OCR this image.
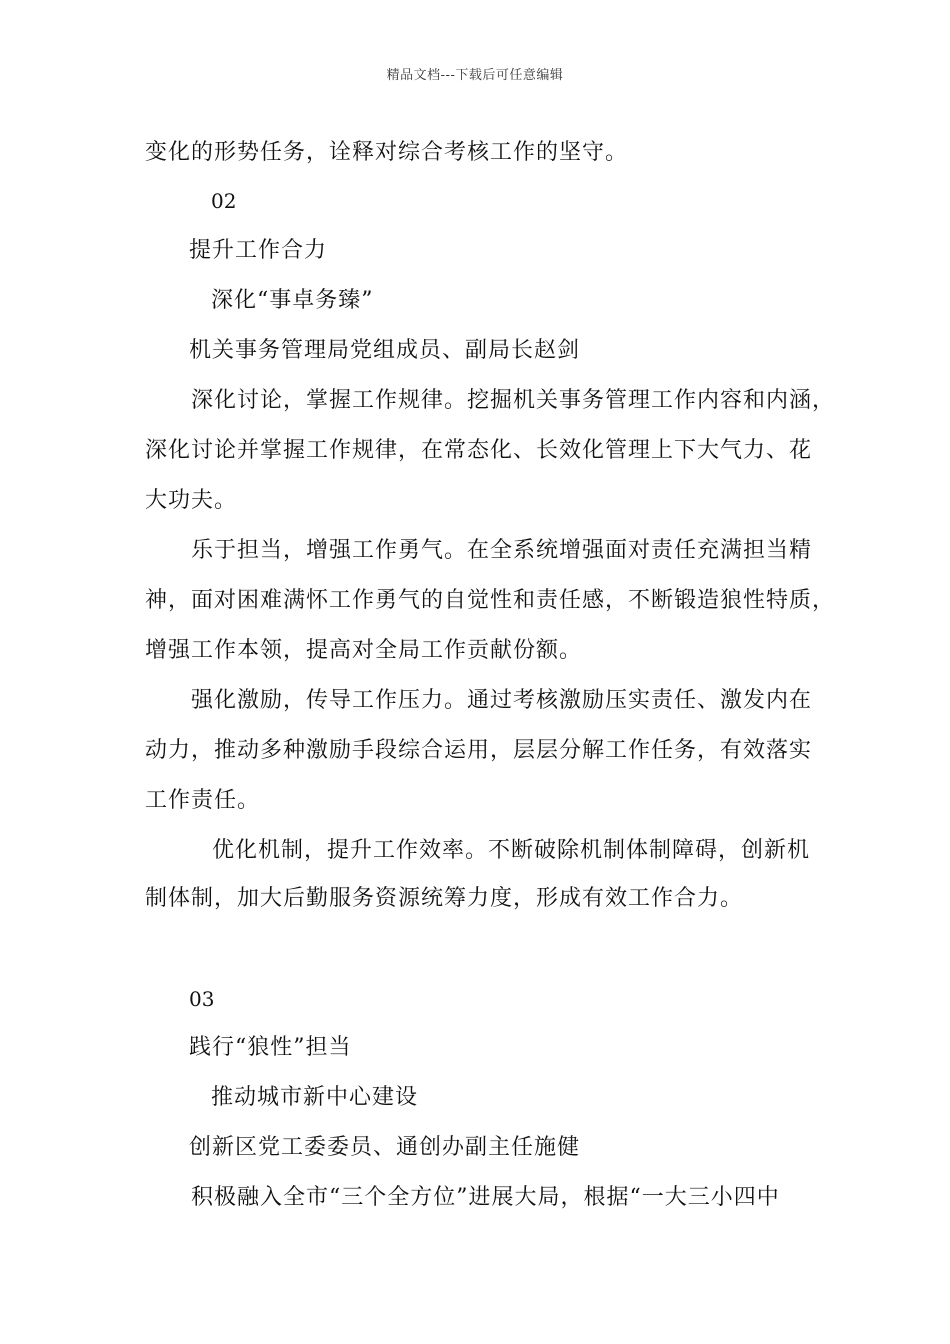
精品文档---下载后可任意编辑
变化的形势任务，诠释对综合考核工作的坚守。
02
提升工作合力
深化“事卓务臻”
机关事务管理局党组成员、副局长赵剑
深化讨论，掌握工作规律。挖掘机关事务管理工作内容和内涵，
深化讨论并掌握工作规律，在常态化、长效化管理上下大气力、花
大功夫。
乐于担当，增强工作勇气。在全系统增强面对责任充满担当精
神，面对困难满怀工作勇气的自觉性和责任感，不断锻造狼性特质，
增强工作本领，提高对全局工作贡献份额。
强化激励，传导工作压力。通过考核激励压实责任、激发内在
动力，推动多种激励手段综合运用，层层分解工作任务，有效落实
工作责任。
优化机制，提升工作效率。不断破除机制体制障碍，创新机
制体制，加大后勤服务资源统筹力度，形成有效工作合力。
03
践行“狼性”担当
推动城市新中心建设
创新区党工委委员、通创办副主任施健
积极融入全市“三个全方位”进展大局，根据“一大三小四中
